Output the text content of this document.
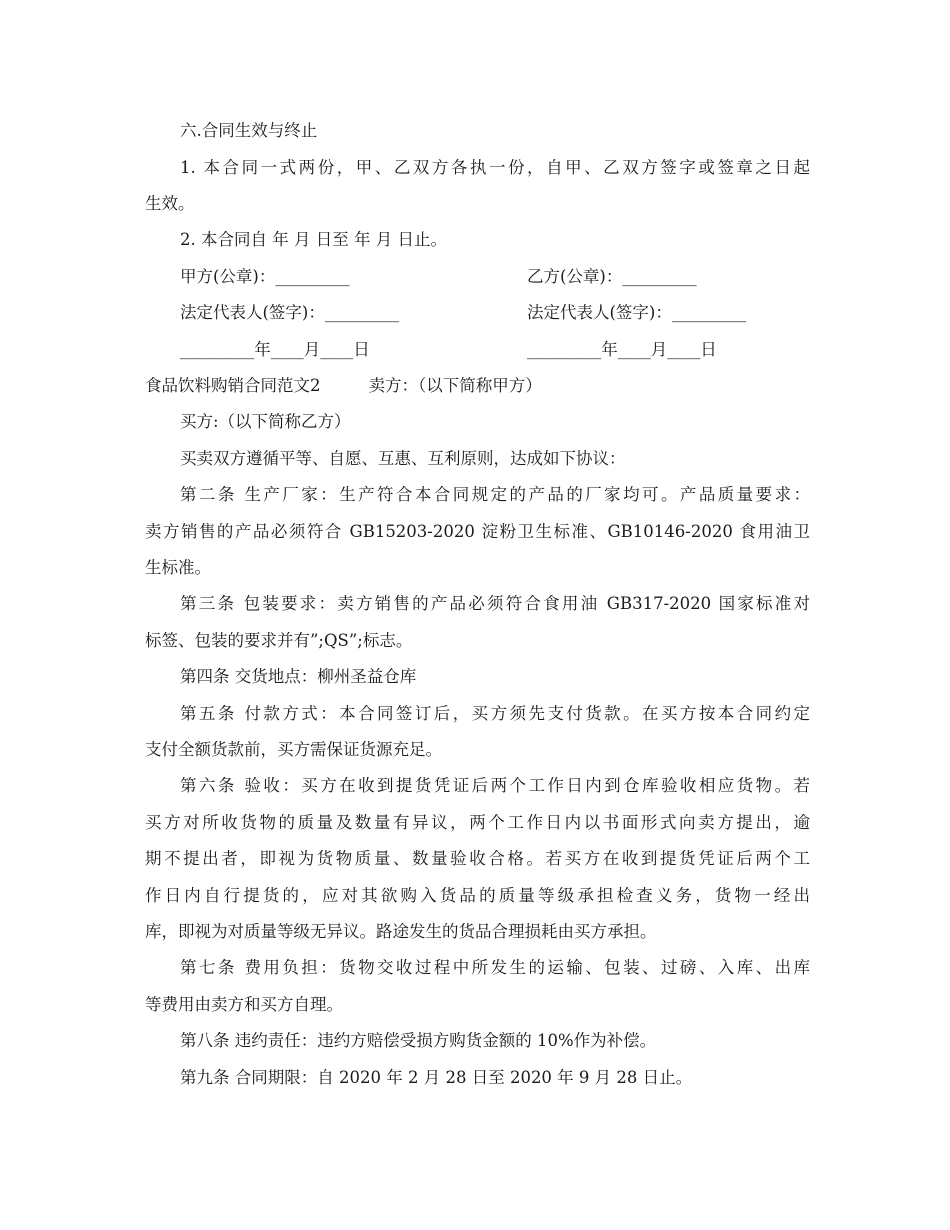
六.合同生效与终止
1. 本合同一式两份，甲、乙双方各执一份，自甲、乙双方签字或签章之日起
生效。
2. 本合同自 年 月 日至 年 月 日止。
甲方(公章)：_________	乙方(公章)：_________
法定代表人(签字)：_________	法定代表人(签字)：_________
_________年____月____日	_________年____月____日
食品饮料购销合同范文2	卖方：（以下简称甲方）
买方:（以下简称乙方）
买卖双方遵循平等、自愿、互惠、互利原则，达成如下协议：
第二条 生产厂家：生产符合本合同规定的产品的厂家均可。产品质量要求：
卖方销售的产品必须符合 GB15203-2020 淀粉卫生标准、GB10146-2020 食用油卫
生标准。
第三条 包装要求：卖方销售的产品必须符合食用油 GB317-2020 国家标准对
标签、包装的要求并有”;QS”;标志。
第四条 交货地点：柳州圣益仓库
第五条 付款方式：本合同签订后，买方须先支付货款。在买方按本合同约定
支付全额货款前，买方需保证货源充足。
第六条 验收：买方在收到提货凭证后两个工作日内到仓库验收相应货物。若
买方对所收货物的质量及数量有异议，两个工作日内以书面形式向卖方提出，逾
期不提出者，即视为货物质量、数量验收合格。若买方在收到提货凭证后两个工
作日内自行提货的，应对其欲购入货品的质量等级承担检查义务，货物一经出
库，即视为对质量等级无异议。路途发生的货品合理损耗由买方承担。
第七条 费用负担：货物交收过程中所发生的运输、包装、过磅、入库、出库
等费用由卖方和买方自理。
第八条 违约责任：违约方赔偿受损方购货金额的 10%作为补偿。
第九条 合同期限：自 2020 年 2 月 28 日至 2020 年 9 月 28 日止。
